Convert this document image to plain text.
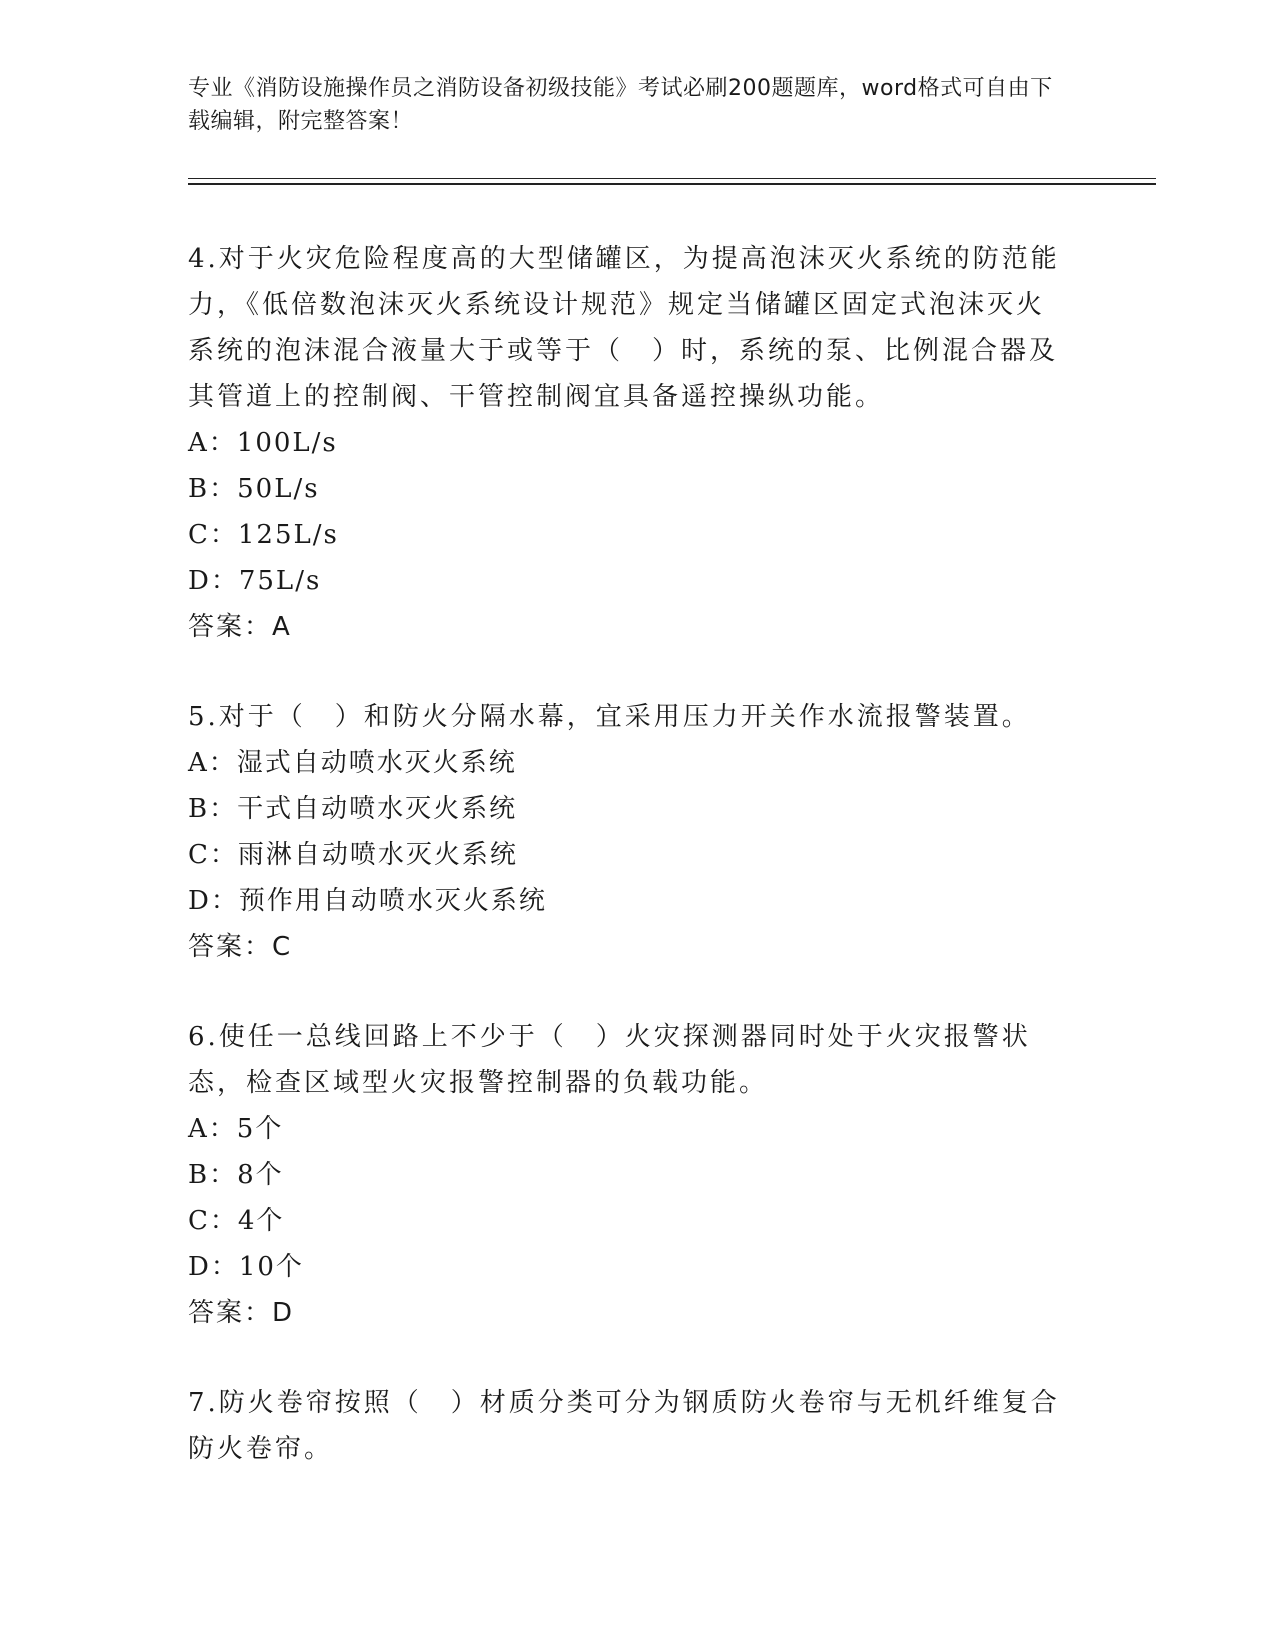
专业《消防设施操作员之消防设备初级技能》考试必刷200题题库，word格式可自由下载编辑，附完整答案！
4.对于火灾危险程度高的大型储罐区，为提高泡沫灭火系统的防范能力，《低倍数泡沫灭火系统设计规范》规定当储罐区固定式泡沫灭火系统的泡沫混合液量大于或等于（　）时，系统的泵、比例混合器及其管道上的控制阀、干管控制阀宜具备遥控操纵功能。
A：100L/s
B：50L/s
C：125L/s
D：75L/s
答案：A
5.对于（　）和防火分隔水幕，宜采用压力开关作水流报警装置。
A：湿式自动喷水灭火系统
B：干式自动喷水灭火系统
C：雨淋自动喷水灭火系统
D：预作用自动喷水灭火系统
答案：C
6.使任一总线回路上不少于（　）火灾探测器同时处于火灾报警状态，检查区域型火灾报警控制器的负载功能。
A：5个
B：8个
C：4个
D：10个
答案：D
7.防火卷帘按照（　）材质分类可分为钢质防火卷帘与无机纤维复合防火卷帘。
